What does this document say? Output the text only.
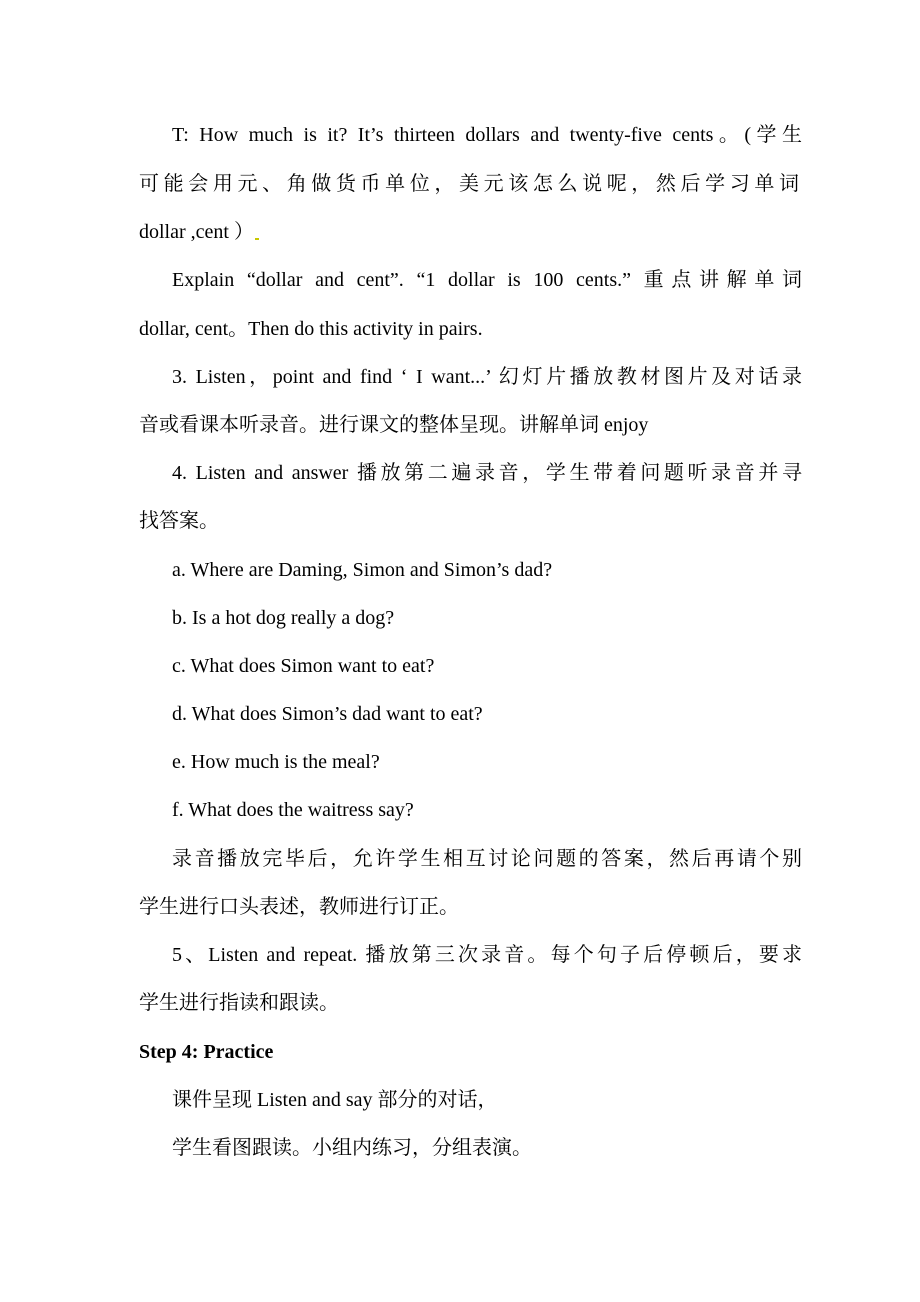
T: How much is it? It’s thirteen dollars and twenty-five cents。(学生
可能会用元、角做货币单位，美元该怎么说呢，然后学习单词
dollar ,cent ）
Explain “dollar and cent”. “1 dollar is 100 cents.” 重点讲解单词
dollar, cent。Then do this activity in pairs.
3. Listen，point and find ‘ I want...’ 幻灯片播放教材图片及对话录
音或看课本听录音。进行课文的整体呈现。讲解单词 enjoy
4. Listen and answer 播放第二遍录音，学生带着问题听录音并寻
找答案。
a. Where are Daming, Simon and Simon’s dad?
b. Is a hot dog really a dog?
c. What does Simon want to eat?
d. What does Simon’s dad want to eat?
e. How much is the meal?
f. What does the waitress say?
录音播放完毕后，允许学生相互讨论问题的答案，然后再请个别
学生进行口头表述，教师进行订正。
5、Listen and repeat. 播放第三次录音。每个句子后停顿后，要求
学生进行指读和跟读。
Step 4: Practice
课件呈现 Listen and say 部分的对话，
学生看图跟读。小组内练习，分组表演。
